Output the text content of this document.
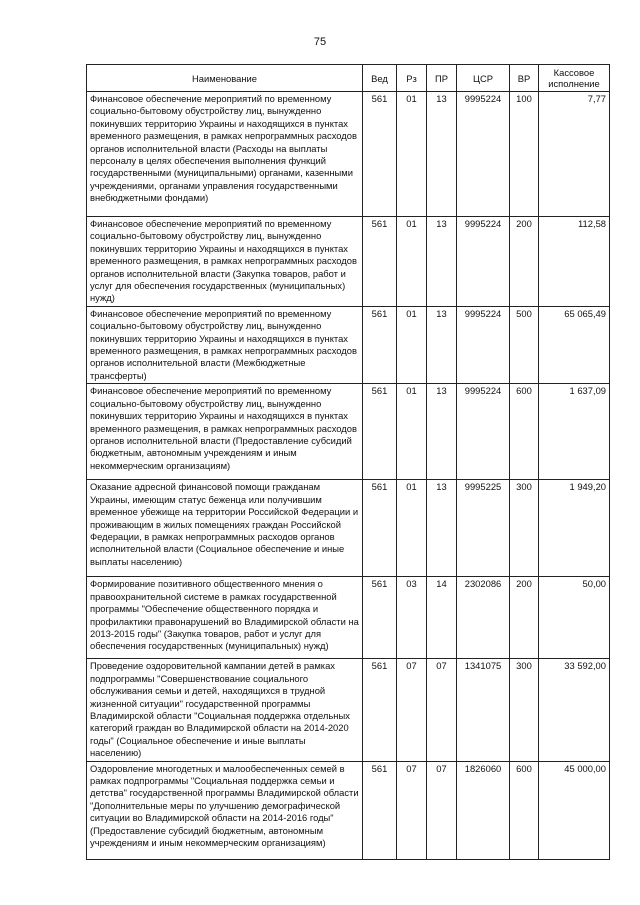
75
Наименование	Вед	Рз	ПР	ЦСР	ВР	Кассовое исполнение
Финансовое обеспечение мероприятий по временному социально-бытовому обустройству лиц, вынужденно покинувших территорию Украины и находящихся в пунктах временного размещения, в рамках непрограммных расходов органов исполнительной власти (Расходы на выплаты персоналу в целях обеспечения выполнения функций государственными (муниципальными) органами, казенными учреждениями, органами управления государственными внебюджетными фондами)	561	01	13	9995224	100	7,77
Финансовое обеспечение мероприятий по временному социально-бытовому обустройству лиц, вынужденно покинувших территорию Украины и находящихся в пунктах временного размещения, в рамках непрограммных расходов органов исполнительной власти (Закупка товаров, работ и услуг для обеспечения государственных (муниципальных) нужд)	561	01	13	9995224	200	112,58
Финансовое обеспечение мероприятий по временному социально-бытовому обустройству лиц, вынужденно покинувших территорию Украины и находящихся в пунктах временного размещения, в рамках непрограммных расходов органов исполнительной власти (Межбюджетные трансферты)	561	01	13	9995224	500	65 065,49
Финансовое обеспечение мероприятий по временному социально-бытовому обустройству лиц, вынужденно покинувших территорию Украины и находящихся в пунктах временного размещения, в рамках непрограммных расходов органов исполнительной власти (Предоставление субсидий бюджетным, автономным учреждениям и иным некоммерческим организациям)	561	01	13	9995224	600	1 637,09
Оказание адресной финансовой помощи гражданам Украины, имеющим статус беженца или получившим временное убежище на территории Российской Федерации и проживающим в жилых помещениях граждан Российской Федерации, в рамках непрограммных расходов органов исполнительной власти (Социальное обеспечение и иные выплаты населению)	561	01	13	9995225	300	1 949,20
Формирование позитивного общественного мнения о правоохранительной системе в рамках государственной программы "Обеспечение общественного порядка и профилактики правонарушений во Владимирской области на 2013-2015 годы" (Закупка товаров, работ и услуг для обеспечения государственных (муниципальных) нужд)	561	03	14	2302086	200	50,00
Проведение оздоровительной кампании детей в рамках подпрограммы "Совершенствование социального обслуживания семьи и детей, находящихся в трудной жизненной ситуации" государственной программы Владимирской области "Социальная поддержка отдельных категорий граждан во Владимирской области на 2014-2020 годы" (Социальное обеспечение и иные выплаты населению)	561	07	07	1341075	300	33 592,00
Оздоровление многодетных и малообеспеченных семей в рамках подпрограммы "Социальная поддержка семьи и детства" государственной программы Владимирской области "Дополнительные меры по улучшению демографической ситуации во Владимирской области на 2014-2016 годы" (Предоставление субсидий бюджетным, автономным учреждениям и иным некоммерческим организациям)	561	07	07	1826060	600	45 000,00
